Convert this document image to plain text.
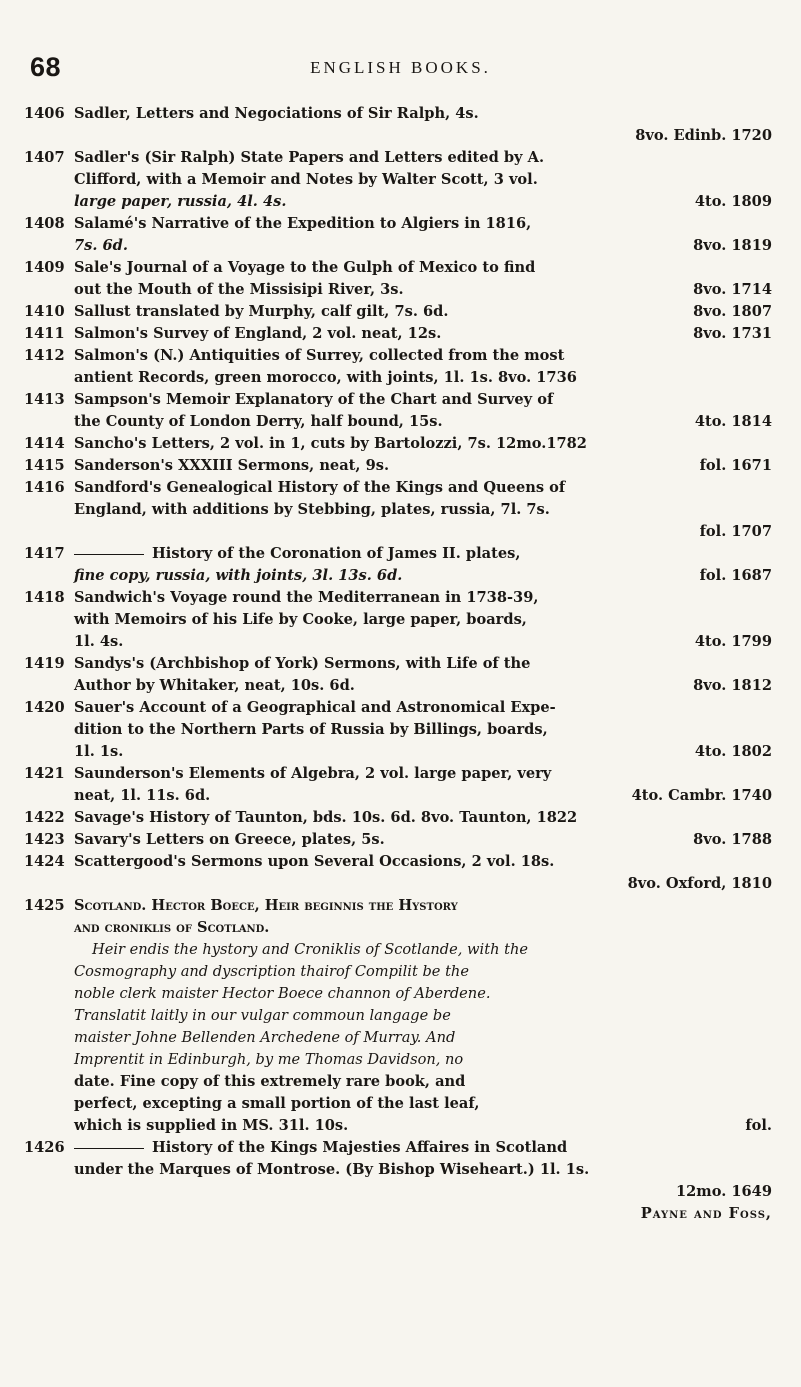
68	ENGLISH BOOKS.
1406 Sadler, Letters and Negociations of Sir Ralph, 4s.
8vo. Edinb. 1720
1407 Sadler's (Sir Ralph) State Papers and Letters edited by A.
Clifford, with a Memoir and Notes by Walter Scott, 3 vol.
large paper, russia, 4l. 4s.	4to. 1809
1408 Salamé's Narrative of the Expedition to Algiers in 1816,
7s. 6d.	8vo. 1819
1409 Sale's Journal of a Voyage to the Gulph of Mexico to find
out the Mouth of the Missisipi River, 3s.	8vo. 1714
1410 Sallust translated by Murphy, calf gilt, 7s. 6d.	8vo. 1807
1411 Salmon's Survey of England, 2 vol. neat, 12s.	8vo. 1731
1412 Salmon's (N.) Antiquities of Surrey, collected from the most
antient Records, green morocco, with joints, 1l. 1s. 8vo. 1736
1413 Sampson's Memoir Explanatory of the Chart and Survey of
the County of London Derry, half bound, 15s.	4to. 1814
1414 Sancho's Letters, 2 vol. in 1, cuts by Bartolozzi, 7s. 12mo.1782
1415 Sanderson's XXXIII Sermons, neat, 9s.	fol. 1671
1416 Sandford's Genealogical History of the Kings and Queens of
England, with additions by Stebbing, plates, russia, 7l. 7s.
fol. 1707
1417	History of the Coronation of James II. plates,
fine copy, russia, with joints, 3l. 13s. 6d.	fol. 1687
1418 Sandwich's Voyage round the Mediterranean in 1738-39,
with Memoirs of his Life by Cooke, large paper, boards,
1l. 4s.	4to. 1799
1419 Sandys's (Archbishop of York) Sermons, with Life of the
Author by Whitaker, neat, 10s. 6d.	8vo. 1812
1420 Sauer's Account of a Geographical and Astronomical Expe-
dition to the Northern Parts of Russia by Billings, boards,
1l. 1s.	4to. 1802
1421 Saunderson's Elements of Algebra, 2 vol. large paper, very
neat, 1l. 11s. 6d.	4to. Cambr. 1740
1422 Savage's History of Taunton, bds. 10s. 6d. 8vo. Taunton, 1822
1423 Savary's Letters on Greece, plates, 5s.	8vo. 1788
1424 Scattergood's Sermons upon Several Occasions, 2 vol. 18s.
8vo. Oxford, 1810
1425 Scotland. Hector Boece, Heir beginnis the Hystory
and croniklis of Scotland.
Heir endis the hystory and Croniklis of Scotlande, with the
Cosmography and dyscription thairof Compilit be the
noble clerk maister Hector Boece channon of Aberdene.
Translatit laitly in our vulgar commoun langage be
maister Johne Bellenden Archedene of Murray. And
Imprentit in Edinburgh, by me Thomas Davidson, no
date. Fine copy of this extremely rare book, and
perfect, excepting a small portion of the last leaf,
which is supplied in MS. 31l. 10s.	fol.
1426	History of the Kings Majesties Affaires in Scotland
under the Marques of Montrose. (By Bishop Wiseheart.) 1l. 1s.
12mo. 1649
Payne and Foss,
